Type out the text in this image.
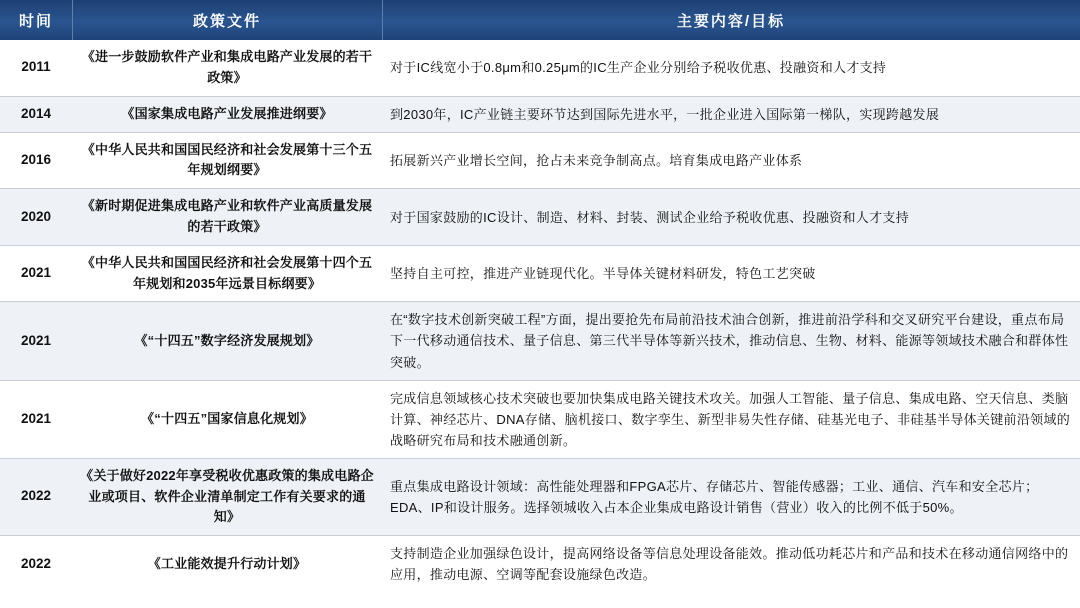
时间	政策文件	主要内容/目标
2011	《进一步鼓励软件产业和集成电路产业发展的若干政策》	对于IC线宽小于0.8μm和0.25μm的IC生产企业分别给予税收优惠、投融资和人才支持
2014	《国家集成电路产业发展推进纲要》	到2030年，IC产业链主要环节达到国际先进水平，一批企业进入国际第一梯队，实现跨越发展
2016	《中华人民共和国国民经济和社会发展第十三个五年规划纲要》	拓展新兴产业增长空间，抢占未来竞争制高点。培育集成电路产业体系
2020	《新时期促进集成电路产业和软件产业高质量发展的若干政策》	对于国家鼓励的IC设计、制造、材料、封装、测试企业给予税收优惠、投融资和人才支持
2021	《中华人民共和国国民经济和社会发展第十四个五年规划和2035年远景目标纲要》	坚持自主可控，推进产业链现代化。半导体关键材料研发，特色工艺突破
2021	《“十四五”数字经济发展规划》	在“数字技术创新突破工程”方面，提出要抢先布局前沿技术油合创新，推进前沿学科和交叉研究平台建设，重点布局下一代移动通信技术、量子信息、第三代半导体等新兴技术，推动信息、生物、材料、能源等领域技术融合和群体性突破。
2021	《“十四五”国家信息化规划》	完成信息领域核心技术突破也要加快集成电路关键技术攻关。加强人工智能、量子信息、集成电路、空天信息、类脑计算、神经芯片、DNA存储、脑机接口、数字孪生、新型非易失性存储、硅基光电子、非硅基半导体关键前沿领域的战略研究布局和技术融通创新。
2022	《关于做好2022年享受税收优惠政策的集成电路企业或项目、软件企业清单制定工作有关要求的通知》	重点集成电路设计领域：高性能处理器和FPGA芯片、存储芯片、智能传感器；工业、通信、汽车和安全芯片；EDA、IP和设计服务。选择领城收入占本企业集成电路设计销售（营业）收入的比例不低于50%。
2022	《工业能效提升行动计划》	支持制造企业加强绿色设计，提高网络设备等信息处理设备能效。推动低功耗芯片和产品和技术在移动通信网络中的应用，推动电源、空调等配套设施绿色改造。
